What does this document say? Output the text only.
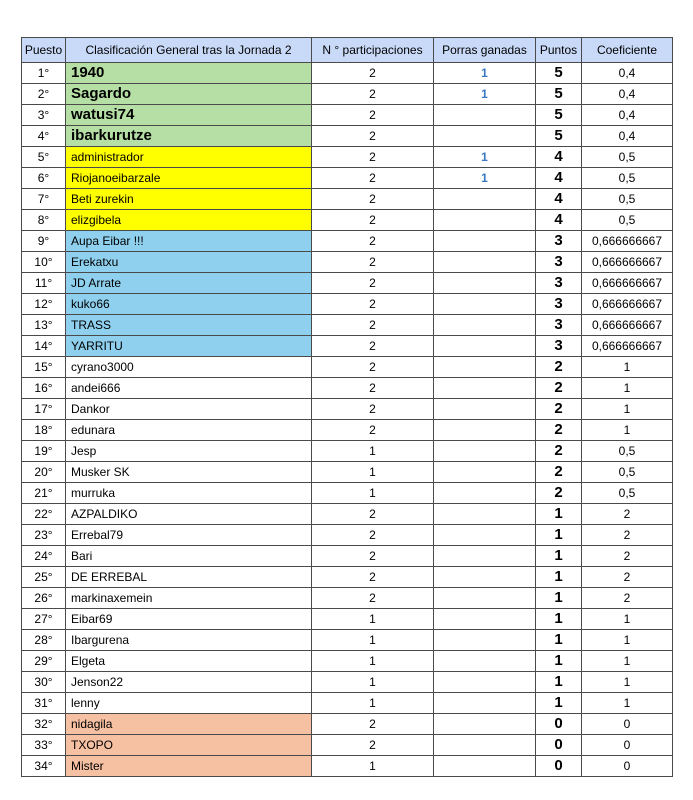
Puesto	Clasificación General tras la Jornada 2	N ° participaciones	Porras ganadas	Puntos	Coeficiente
1°	1940	2	1	5	0,4
2°	Sagardo	2	1	5	0,4
3°	watusi74	2		5	0,4
4°	ibarkurutze	2		5	0,4
5°	administrador	2	1	4	0,5
6°	Riojanoeibarzale	2	1	4	0,5
7°	Beti zurekin	2		4	0,5
8°	elizgibela	2		4	0,5
9°	Aupa Eibar !!!	2		3	0,666666667
10°	Erekatxu	2		3	0,666666667
11°	JD Arrate	2		3	0,666666667
12°	kuko66	2		3	0,666666667
13°	TRASS	2		3	0,666666667
14°	YARRITU	2		3	0,666666667
15°	cyrano3000	2		2	1
16°	andei666	2		2	1
17°	Dankor	2		2	1
18°	edunara	2		2	1
19°	Jesp	1		2	0,5
20°	Musker SK	1		2	0,5
21°	murruka	1		2	0,5
22°	AZPALDIKO	2		1	2
23°	Errebal79	2		1	2
24°	Bari	2		1	2
25°	DE ERREBAL	2		1	2
26°	markinaxemein	2		1	2
27°	Eibar69	1		1	1
28°	Ibargurena	1		1	1
29°	Elgeta	1		1	1
30°	Jenson22	1		1	1
31°	lenny	1		1	1
32°	nidagila	2		0	0
33°	TXOPO	2		0	0
34°	Mister	1		0	0
